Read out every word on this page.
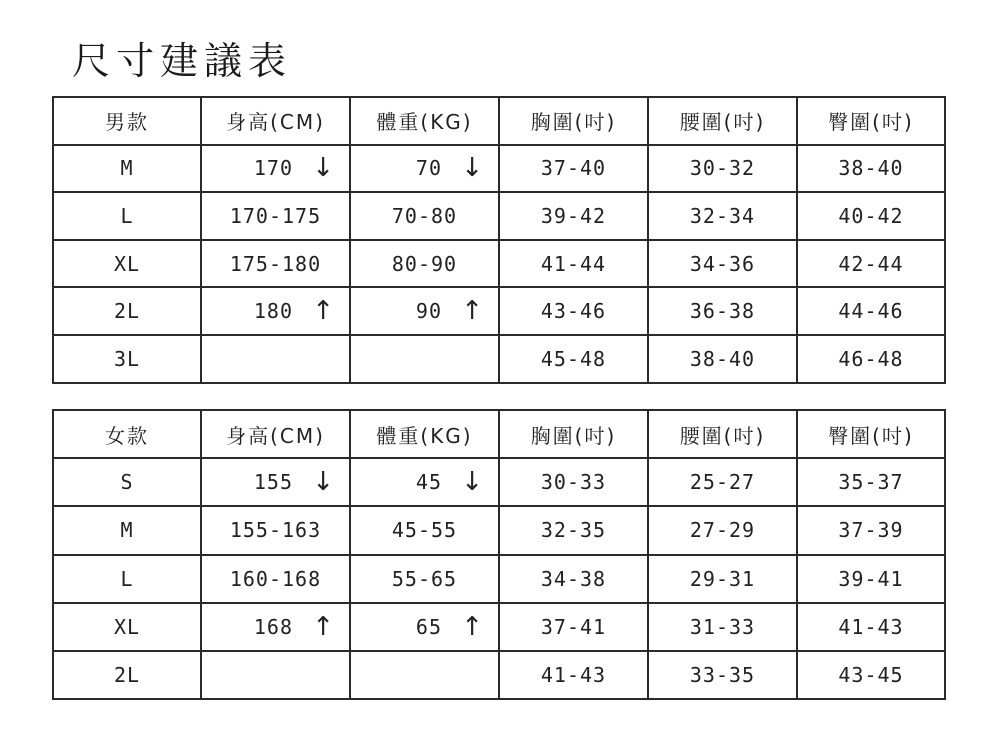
尺寸建議表
男款	身高(CM)	體重(KG)	胸圍(吋)	腰圍(吋)	臀圍(吋)
M	170 ↓	70 ↓	37-40	30-32	38-40
L	170-175	70-80	39-42	32-34	40-42
XL	175-180	80-90	41-44	34-36	42-44
2L	180 ↑	90 ↑	43-46	36-38	44-46
3L			45-48	38-40	46-48
女款	身高(CM)	體重(KG)	胸圍(吋)	腰圍(吋)	臀圍(吋)
S	155 ↓	45 ↓	30-33	25-27	35-37
M	155-163	45-55	32-35	27-29	37-39
L	160-168	55-65	34-38	29-31	39-41
XL	168 ↑	65 ↑	37-41	31-33	41-43
2L			41-43	33-35	43-45
